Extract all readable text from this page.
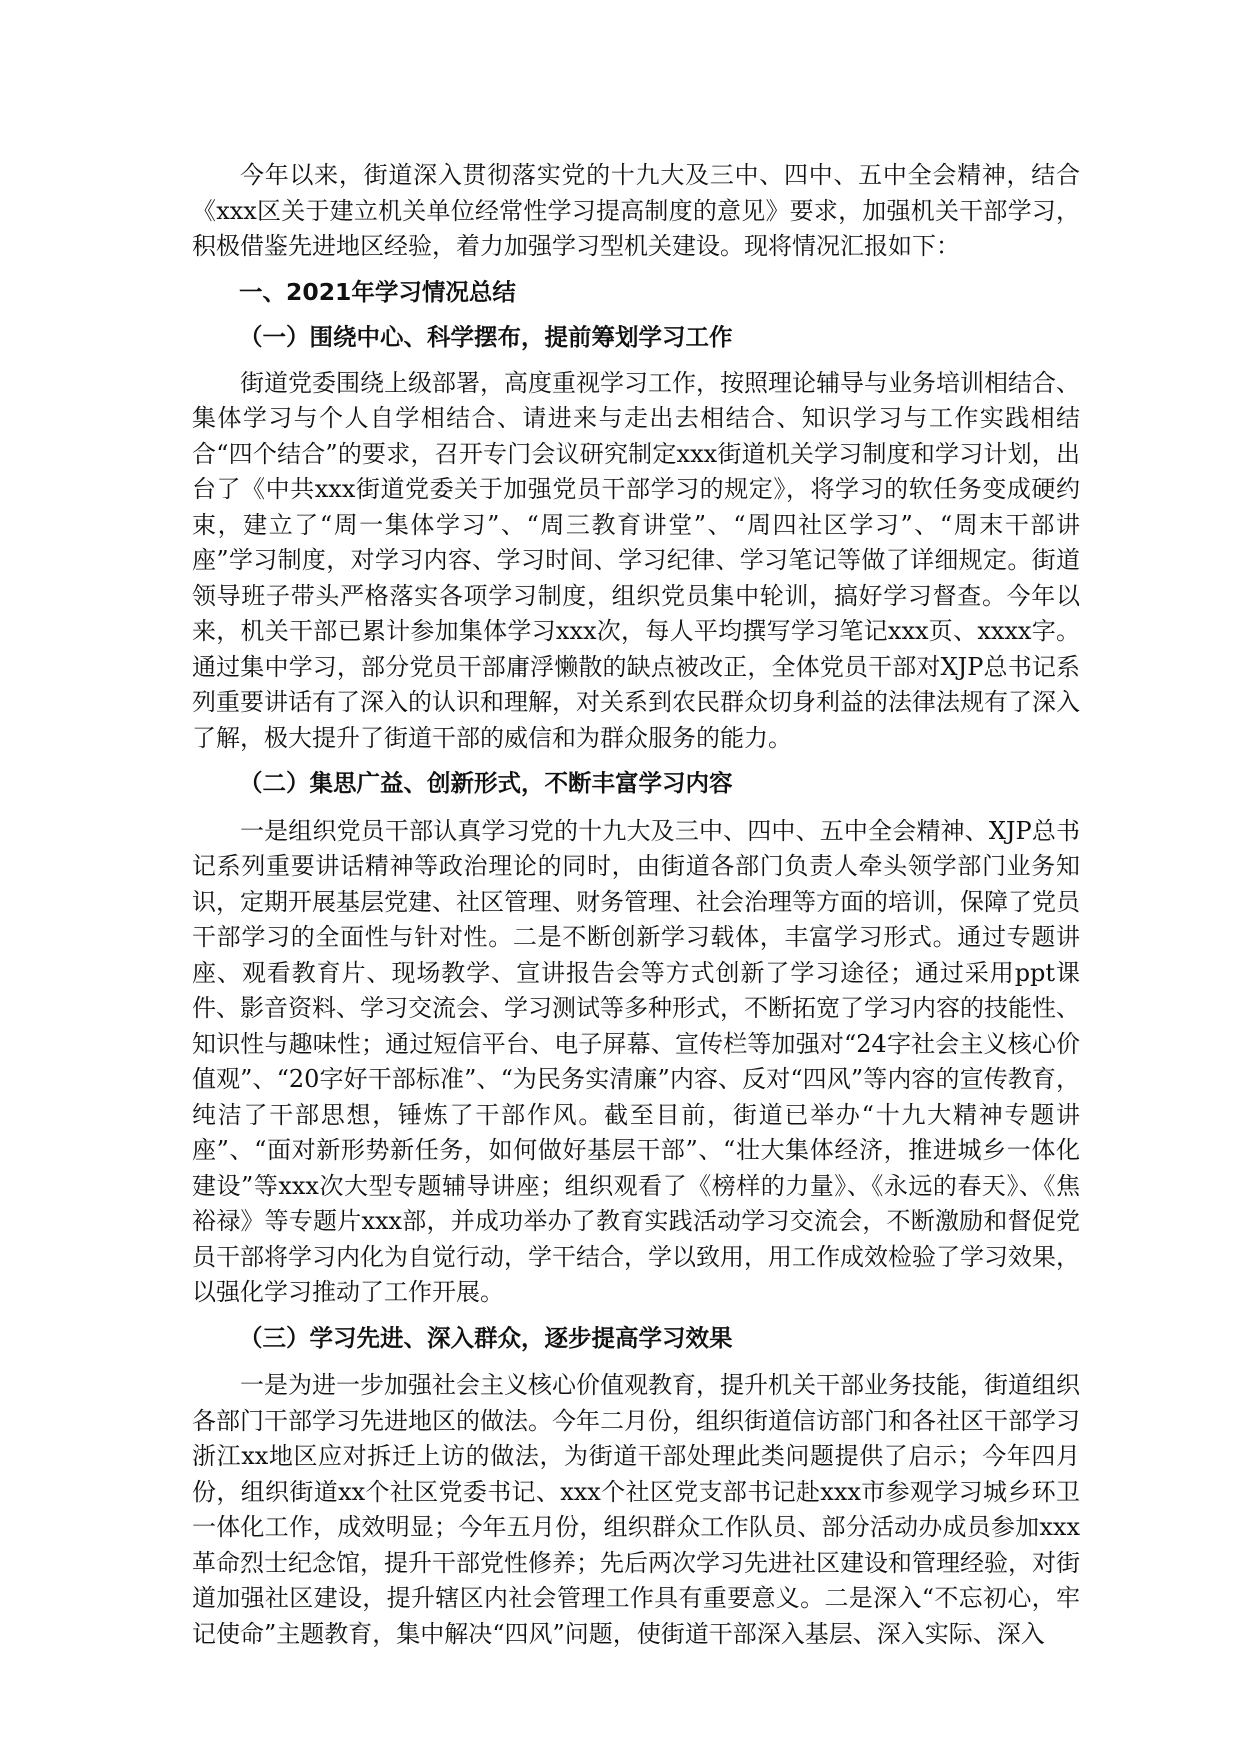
今年以来，街道深入贯彻落实党的十九大及三中、四中、五中全会精神，结合《xxx区关于建立机关单位经常性学习提高制度的意见》要求，加强机关干部学习，积极借鉴先进地区经验，着力加强学习型机关建设。现将情况汇报如下：

一、2021年学习情况总结

（一）围绕中心、科学摆布，提前筹划学习工作

街道党委围绕上级部署，高度重视学习工作，按照理论辅导与业务培训相结合、集体学习与个人自学相结合、请进来与走出去相结合、知识学习与工作实践相结合“四个结合”的要求，召开专门会议研究制定xxx街道机关学习制度和学习计划，出台了《中共xxx街道党委关于加强党员干部学习的规定》，将学习的软任务变成硬约束，建立了“周一集体学习”、“周三教育讲堂”、“周四社区学习”、“周末干部讲座”学习制度，对学习内容、学习时间、学习纪律、学习笔记等做了详细规定。街道领导班子带头严格落实各项学习制度，组织党员集中轮训，搞好学习督查。今年以来，机关干部已累计参加集体学习xxx次，每人平均撰写学习笔记xxx页、xxxx字。通过集中学习，部分党员干部庸浮懒散的缺点被改正，全体党员干部对XJP总书记系列重要讲话有了深入的认识和理解，对关系到农民群众切身利益的法律法规有了深入了解，极大提升了街道干部的威信和为群众服务的能力。

（二）集思广益、创新形式，不断丰富学习内容

一是组织党员干部认真学习党的十九大及三中、四中、五中全会精神、XJP总书记系列重要讲话精神等政治理论的同时，由街道各部门负责人牵头领学部门业务知识，定期开展基层党建、社区管理、财务管理、社会治理等方面的培训，保障了党员干部学习的全面性与针对性。二是不断创新学习载体，丰富学习形式。通过专题讲座、观看教育片、现场教学、宣讲报告会等方式创新了学习途径；通过采用ppt课件、影音资料、学习交流会、学习测试等多种形式，不断拓宽了学习内容的技能性、知识性与趣味性；通过短信平台、电子屏幕、宣传栏等加强对“24字社会主义核心价值观”、“20字好干部标准”、“为民务实清廉”内容、反对“四风”等内容的宣传教育，纯洁了干部思想，锤炼了干部作风。截至目前，街道已举办“十九大精神专题讲座”、“面对新形势新任务，如何做好基层干部”、“壮大集体经济，推进城乡一体化建设”等xxx次大型专题辅导讲座；组织观看了《榜样的力量》、《永远的春天》、《焦裕禄》等专题片xxx部，并成功举办了教育实践活动学习交流会，不断激励和督促党员干部将学习内化为自觉行动，学干结合，学以致用，用工作成效检验了学习效果，以强化学习推动了工作开展。

（三）学习先进、深入群众，逐步提高学习效果

一是为进一步加强社会主义核心价值观教育，提升机关干部业务技能，街道组织各部门干部学习先进地区的做法。今年二月份，组织街道信访部门和各社区干部学习浙江xx地区应对拆迁上访的做法，为街道干部处理此类问题提供了启示；今年四月份，组织街道xx个社区党委书记、xxx个社区党支部书记赴xxx市参观学习城乡环卫一体化工作，成效明显；今年五月份，组织群众工作队员、部分活动办成员参加xxx革命烈士纪念馆，提升干部党性修养；先后两次学习先进社区建设和管理经验，对街道加强社区建设，提升辖区内社会管理工作具有重要意义。二是深入“不忘初心，牢记使命”主题教育，集中解决“四风”问题，使街道干部深入基层、深入实际、深入
